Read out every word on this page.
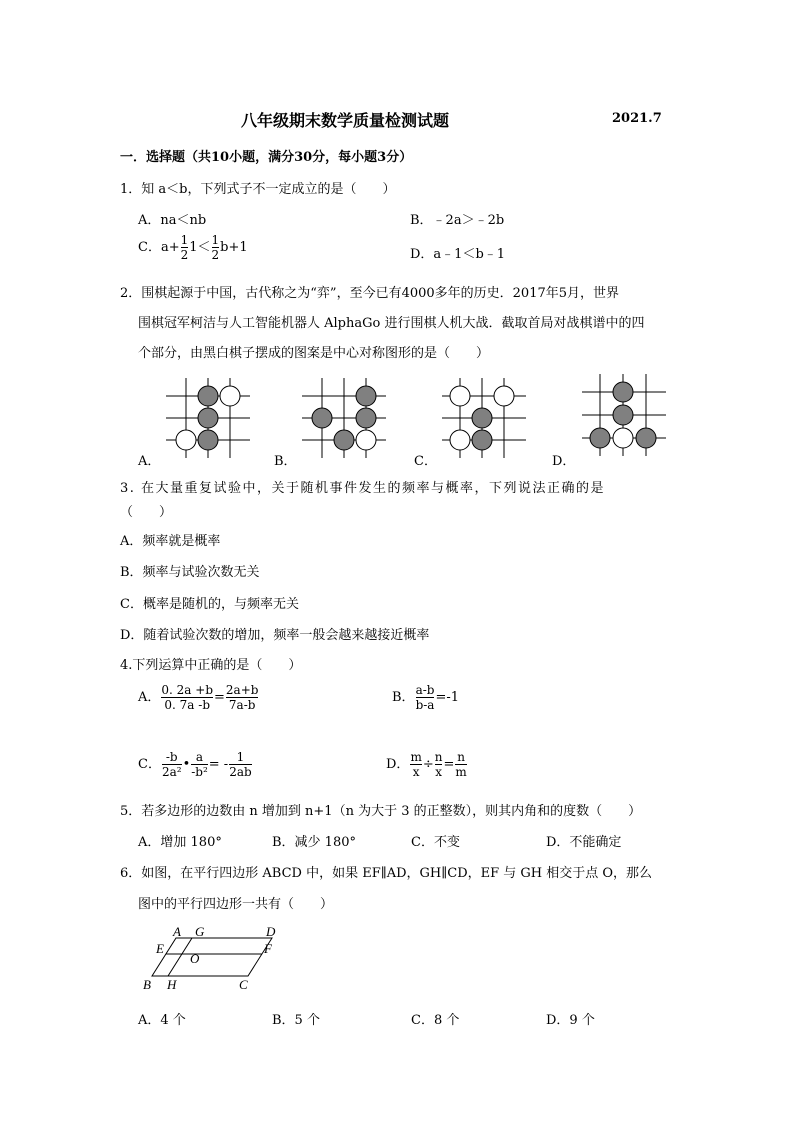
八年级期末数学质量检测试题	2021.7
一．选择题（共10小题，满分30分，每小题3分）
1．知 a＜b，下列式子不一定成立的是（　　）
A．na＜nb	B．﹣2a＞﹣2b
C．$a+ \frac{1}{2} 1< \frac{1}{2} b+1$	D．a﹣1＜b﹣1
2．围棋起源于中国，古代称之为“弈”，至今已有4000多年的历史．2017年5月，世界
围棋冠军柯洁与人工智能机器人 AlphaGo 进行围棋人机大战．截取首局对战棋谱中的四
个部分，由黑白棋子摆成的图案是中心对称图形的是（　　）
A．	B．	C．	D．
3. 在大量重复试验中，关于随机事件发生的频率与概率，下列说法正确的是
（　　）
A．频率就是概率
B．频率与试验次数无关
C．概率是随机的，与频率无关
D．随着试验次数的增加，频率一般会越来越接近概率
4.下列运算中正确的是（　　）
A． $\frac{0. 2a +b}{0. 7a -b} = \frac{2a+b}{7a-b}$	B． $\frac{a-b}{b-a} =-1$
C． $\frac{-b}{\text{2a²}}$ • $\frac{a}{\text{-b²}}$ = - $\frac{1}{2ab}$	D． $\frac{m}{x} \div \frac{n}{x} = \frac{n}{m}$
5．若多边形的边数由 n 增加到 n+1（n 为大于 3 的正整数），则其内角和的度数（　　）
A．增加 180°	B．减少 180°	C．不变	D．不能确定
6．如图，在平行四边形 ABCD 中，如果 EF∥AD，GH∥CD，EF 与 GH 相交于点 O，那么
图中的平行四边形一共有（　　）
A G	D
E	F
O
B H	C
A．4 个	B．5 个	C．8 个	D．9 个
